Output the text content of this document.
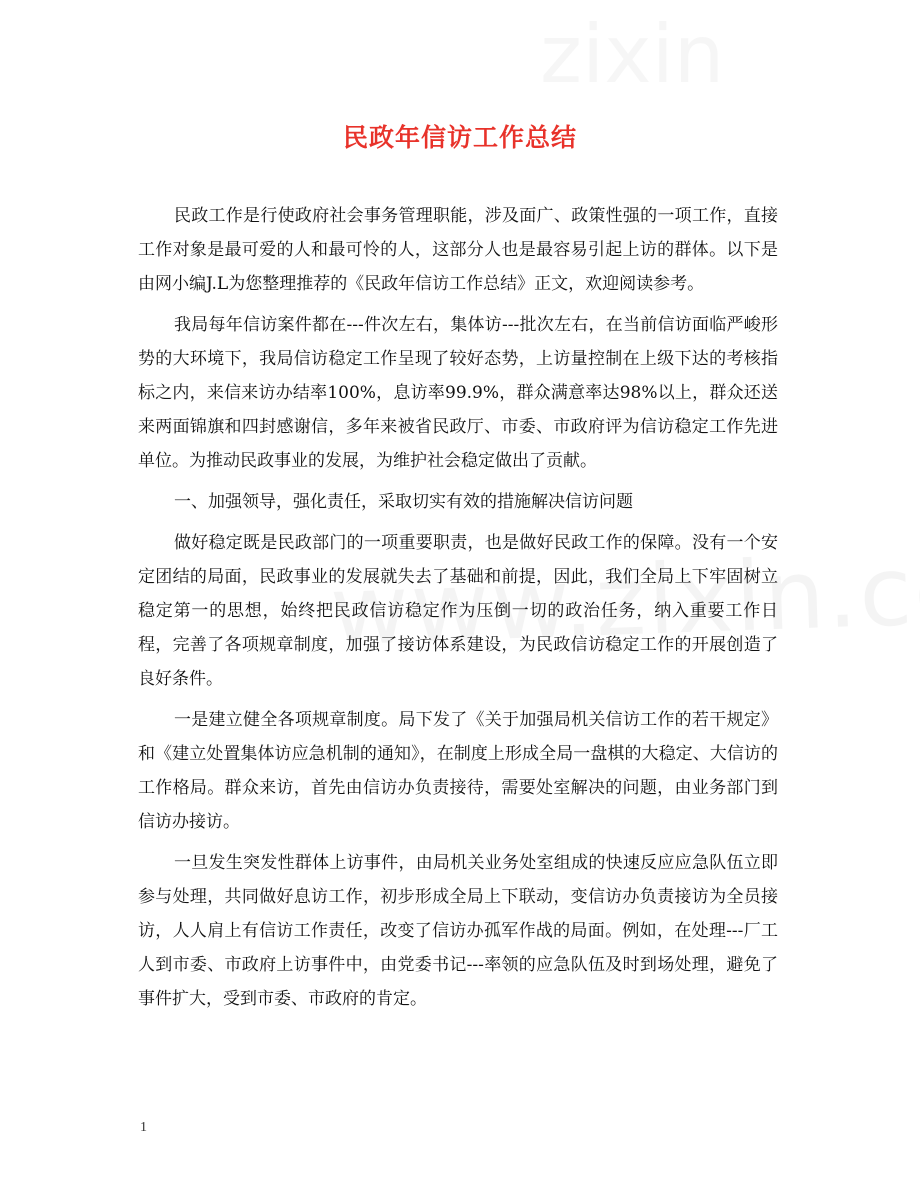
民政年信访工作总结

民政工作是行使政府社会事务管理职能，涉及面广、政策性强的一项工作，直接工作对象是最可爱的人和最可怜的人，这部分人也是最容易引起上访的群体。以下是由网小编J.L为您整理推荐的《民政年信访工作总结》正文，欢迎阅读参考。

我局每年信访案件都在---件次左右，集体访---批次左右，在当前信访面临严峻形势的大环境下，我局信访稳定工作呈现了较好态势，上访量控制在上级下达的考核指标之内，来信来访办结率100%，息访率99.9%，群众满意率达98%以上，群众还送来两面锦旗和四封感谢信，多年来被省民政厅、市委、市政府评为信访稳定工作先进单位。为推动民政事业的发展，为维护社会稳定做出了贡献。

一、加强领导，强化责任，采取切实有效的措施解决信访问题

做好稳定既是民政部门的一项重要职责，也是做好民政工作的保障。没有一个安定团结的局面，民政事业的发展就失去了基础和前提，因此，我们全局上下牢固树立稳定第一的思想，始终把民政信访稳定作为压倒一切的政治任务，纳入重要工作日程，完善了各项规章制度，加强了接访体系建设，为民政信访稳定工作的开展创造了良好条件。

一是建立健全各项规章制度。局下发了《关于加强局机关信访工作的若干规定》和《建立处置集体访应急机制的通知》，在制度上形成全局一盘棋的大稳定、大信访的工作格局。群众来访，首先由信访办负责接待，需要处室解决的问题，由业务部门到信访办接访。

一旦发生突发性群体上访事件，由局机关业务处室组成的快速反应应急队伍立即参与处理，共同做好息访工作，初步形成全局上下联动，变信访办负责接访为全员接访，人人肩上有信访工作责任，改变了信访办孤军作战的局面。例如，在处理---厂工人到市委、市政府上访事件中，由党委书记---率领的应急队伍及时到场处理，避免了事件扩大，受到市委、市政府的肯定。

1
